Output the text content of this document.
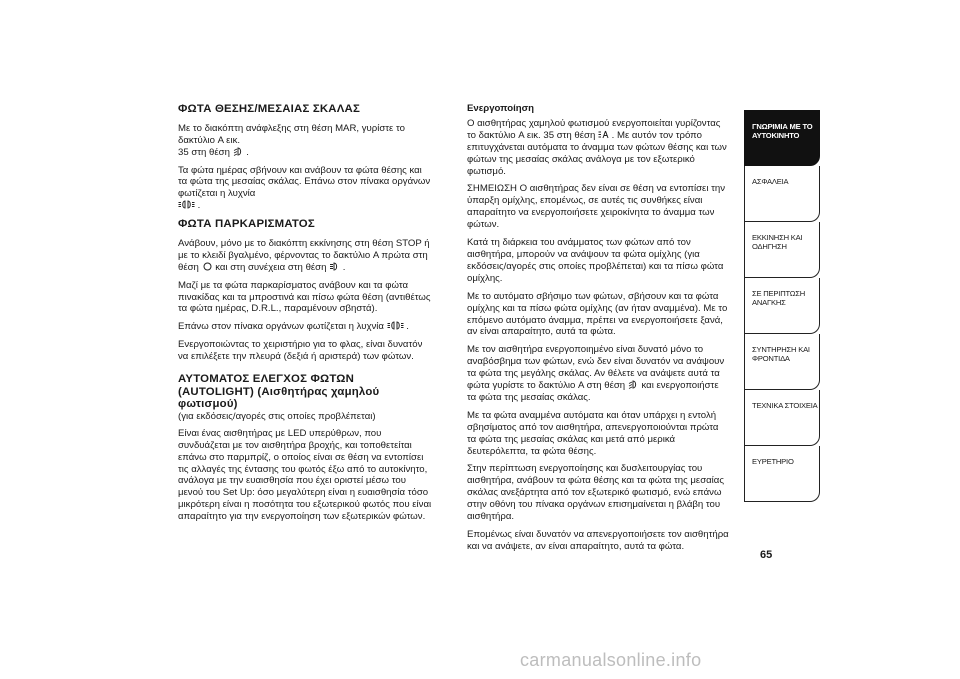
ΦΩΤΑ ΘΕΣΗΣ/ΜΕΣΑΙΑΣ ΣΚΑΛΑΣ

Με το διακόπτη ανάφλεξης στη θέση MAR, γυρίστε το δακτύλιο A εικ.
35 στη θέση .

Τα φώτα ημέρας σβήνουν και ανάβουν τα φώτα θέσης και τα φώτα της μεσαίας σκάλας. Επάνω στον πίνακα οργάνων φωτίζεται η λυχνία

.

ΦΩΤΑ ΠΑΡΚΑΡΙΣΜΑΤΟΣ

Ανάβουν, μόνο με το διακόπτη εκκίνησης στη θέση STOP ή με το κλειδί βγαλμένο, φέρνοντας το δακτύλιο A πρώτα στη θέση και στη συνέχεια στη θέση .

Μαζί με τα φώτα παρκαρίσματος ανάβουν και τα φώτα πινακίδας και τα μπροστινά και πίσω φώτα θέση (αντιθέτως τα φώτα ημέρας, D.R.L., παραμένουν σβηστά).

Επάνω στον πίνακα οργάνων φωτίζεται η λυχνία .

Ενεργοποιώντας το χειριστήριο για το φλας, είναι δυνατόν να επιλέξετε την πλευρά (δεξιά ή αριστερά) των φώτων.

ΑΥΤΟΜΑΤΟΣ ΕΛΕΓΧΟΣ ΦΩΤΩΝ (AUTOLIGHT) (Αισθητήρας χαμηλού φωτισμού)
(για εκδόσεις/αγορές στις οποίες προβλέπεται)

Είναι ένας αισθητήρας με LED υπερύθρων, που συνδυάζεται με τον αισθητήρα βροχής, και τοποθετείται επάνω στο παρμπρίζ, ο οποίος είναι σε θέση να εντοπίσει τις αλλαγές της έντασης του φωτός έξω από το αυτοκίνητο, ανάλογα με την ευαισθησία που έχει οριστεί μέσω του μενού του Set Up: όσο μεγαλύτερη είναι η ευαισθησία τόσο μικρότερη είναι η ποσότητα του εξωτερικού φωτός που είναι απαραίτητο για την ενεργοποίηση των εξωτερικών φώτων.

Ενεργοποίηση

Ο αισθητήρας χαμηλού φωτισμού ενεργοποιείται γυρίζοντας το δακτύλιο A εικ. 35 στη θέση . Με αυτόν τον τρόπο επιτυγχάνεται αυτόματα το άναμμα των φώτων θέσης και των φώτων της μεσαίας σκάλας ανάλογα με τον εξωτερικό φωτισμό.

ΣΗΜΕΙΩΣΗ Ο αισθητήρας δεν είναι σε θέση να εντοπίσει την ύπαρξη ομίχλης, επομένως, σε αυτές τις συνθήκες είναι απαραίτητο να ενεργοποιήσετε χειροκίνητα το άναμμα των φώτων.

Κατά τη διάρκεια του ανάμματος των φώτων από τον αισθητήρα, μπορούν να ανάψουν τα φώτα ομίχλης (για εκδόσεις/αγορές στις οποίες προβλέπεται) και τα πίσω φώτα ομίχλης.

Με το αυτόματο σβήσιμο των φώτων, σβήσουν και τα φώτα ομίχλης και τα πίσω φώτα ομίχλης (αν ήταν αναμμένα). Με το επόμενο αυτόματο άναμμα, πρέπει να ενεργοποιήσετε ξανά, αν είναι απαραίτητο, αυτά τα φώτα.

Με τον αισθητήρα ενεργοποιημένο είναι δυνατό μόνο το αναβόσβημα των φώτων, ενώ δεν είναι δυνατόν να ανάψουν τα φώτα της μεγάλης σκάλας. Αν θέλετε να ανάψετε αυτά τα φώτα γυρίστε το δακτύλιο A στη θέση και ενεργοποιήστε τα φώτα της μεσαίας σκάλας.

Με τα φώτα αναμμένα αυτόματα και όταν υπάρχει η εντολή σβησίματος από τον αισθητήρα, απενεργοποιούνται πρώτα τα φώτα της μεσαίας σκάλας και μετά από μερικά δευτερόλεπτα, τα φώτα θέσης.

Στην περίπτωση ενεργοποίησης και δυσλειτουργίας του αισθητήρα, ανάβουν τα φώτα θέσης και τα φώτα της μεσαίας σκάλας ανεξάρτητα από τον εξωτερικό φωτισμό, ενώ επάνω στην οθόνη του πίνακα οργάνων επισημαίνεται η βλάβη του αισθητήρα.

Επομένως είναι δυνατόν να απενεργοποιήσετε τον αισθητήρα και να ανάψετε, αν είναι απαραίτητο, αυτά τα φώτα.

ΓΝΩΡΙΜΙΑ ΜΕ ΤΟ ΑΥΤΟΚΙΝΗΤΟ
ΑΣΦΑΛΕΙΑ
ΕΚΚΙΝΗΣΗ ΚΑΙ ΟΔΗΓΗΣΗ
ΣΕ ΠΕΡΙΠΤΩΣΗ ΑΝΑΓΚΗΣ
ΣΥΝΤΗΡΗΣΗ ΚΑΙ ΦΡΟΝΤΙΔΑ
ΤΕΧΝΙΚΑ ΣΤΟΙΧΕΙΑ
ΕΥΡΕΤΗΡΙΟ
65
carmanualsonline.info
